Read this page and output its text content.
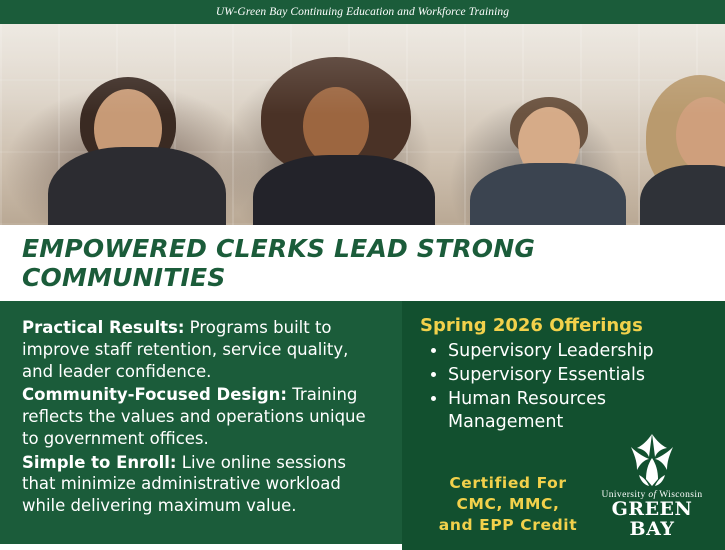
UW-Green Bay Continuing Education and Workforce Training
EMPOWERED CLERKS LEAD STRONG COMMUNITIES

Practical Results: Programs built to improve staff retention, service quality, and leader confidence.

Community-Focused Design: Training reflects the values and operations unique to government offices.

Simple to Enroll: Live online sessions that minimize administrative workload while delivering maximum value.

Spring 2026 Offerings
• Supervisory Leadership
• Supervisory Essentials
• Human Resources Management
Certified For
CMC, MMC,
and EPP Credit
University of Wisconsin
GREEN BAY
